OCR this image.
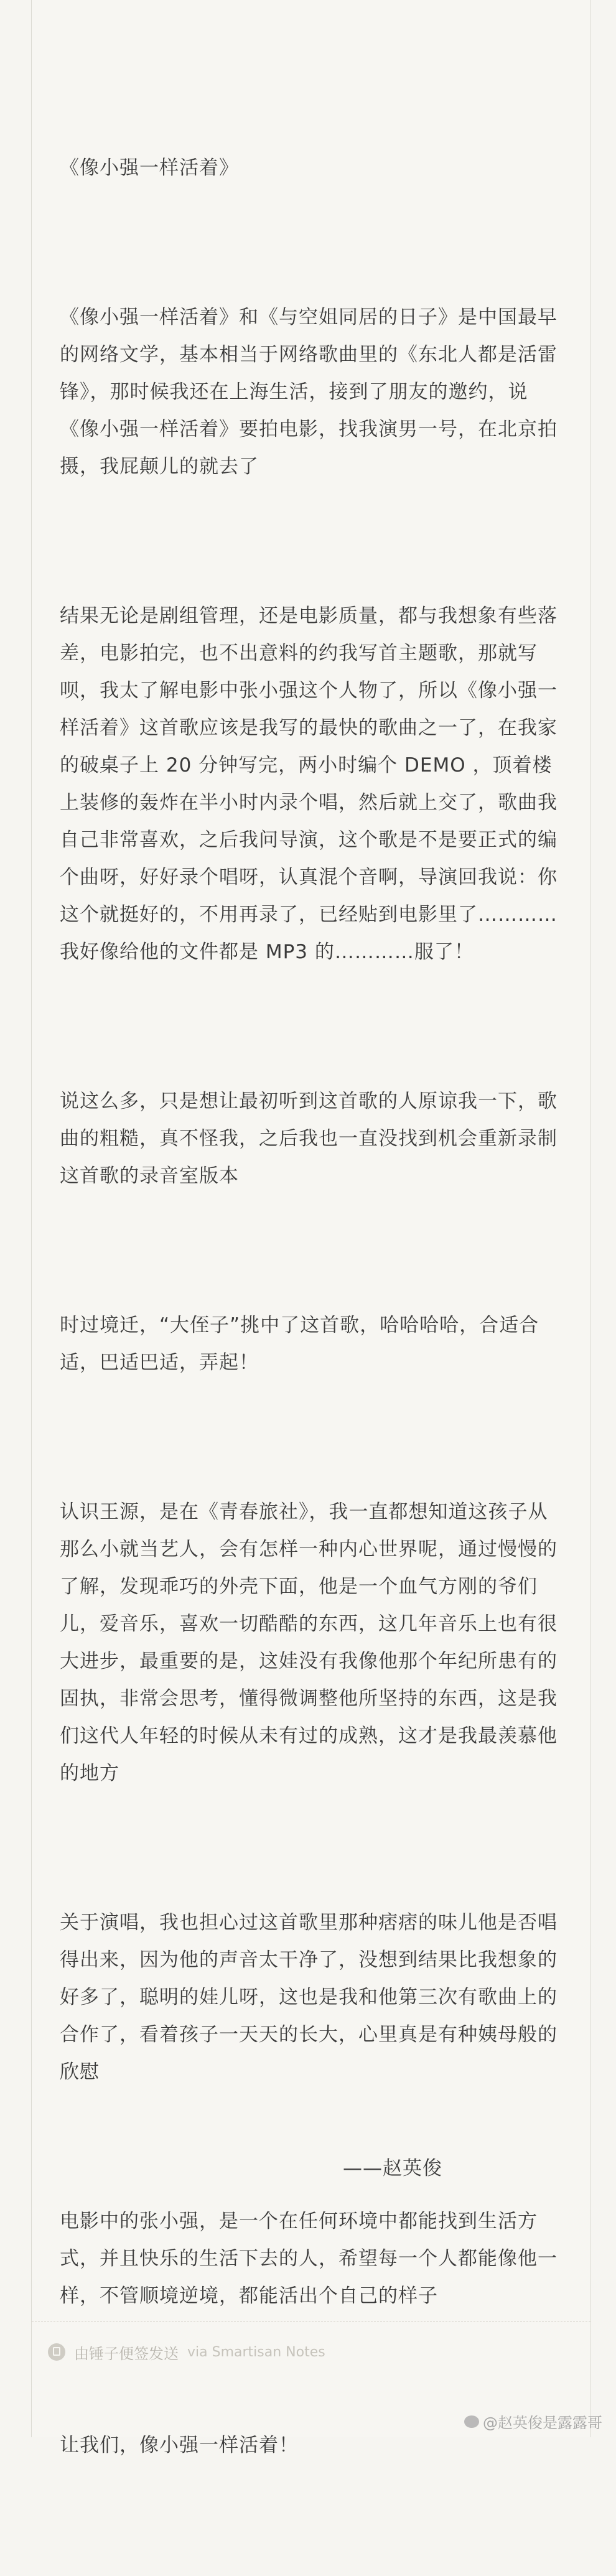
《像小强一样活着》

《像小强一样活着》和《与空姐同居的日子》是中国最早的网络文学，基本相当于网络歌曲里的《东北人都是活雷锋》，那时候我还在上海生活，接到了朋友的邀约，说《像小强一样活着》要拍电影，找我演男一号，在北京拍摄，我屁颠儿的就去了

结果无论是剧组管理，还是电影质量，都与我想象有些落差，电影拍完，也不出意料的约我写首主题歌，那就写呗，我太了解电影中张小强这个人物了，所以《像小强一样活着》这首歌应该是我写的最快的歌曲之一了，在我家的破桌子上 20 分钟写完，两小时编个 DEMO ，顶着楼上装修的轰炸在半小时内录个唱，然后就上交了，歌曲我自己非常喜欢，之后我问导演，这个歌是不是要正式的编个曲呀，好好录个唱呀，认真混个音啊，导演回我说：你这个就挺好的，不用再录了，已经贴到电影里了…………我好像给他的文件都是 MP3 的…………服了！

说这么多，只是想让最初听到这首歌的人原谅我一下，歌曲的粗糙，真不怪我，之后我也一直没找到机会重新录制这首歌的录音室版本

时过境迁，“大侄子”挑中了这首歌，哈哈哈哈，合适合适，巴适巴适，弄起！

认识王源，是在《青春旅社》，我一直都想知道这孩子从那么小就当艺人，会有怎样一种内心世界呢，通过慢慢的了解，发现乖巧的外壳下面，他是一个血气方刚的爷们儿，爱音乐，喜欢一切酷酷的东西，这几年音乐上也有很大进步，最重要的是，这娃没有我像他那个年纪所患有的固执，非常会思考，懂得微调整他所坚持的东西，这是我们这代人年轻的时候从未有过的成熟，这才是我最羡慕他的地方

关于演唱，我也担心过这首歌里那种痞痞的味儿他是否唱得出来，因为他的声音太干净了，没想到结果比我想象的好多了，聪明的娃儿呀，这也是我和他第三次有歌曲上的合作了，看着孩子一天天的长大，心里真是有种姨母般的欣慰

电影中的张小强，是一个在任何环境中都能找到生活方式，并且快乐的生活下去的人，希望每一个人都能像他一样，不管顺境逆境，都能活出个自己的样子

让我们，像小强一样活着！

——赵英俊
由锤子便签发送 via Smartisan Notes
@赵英俊是露露哥
